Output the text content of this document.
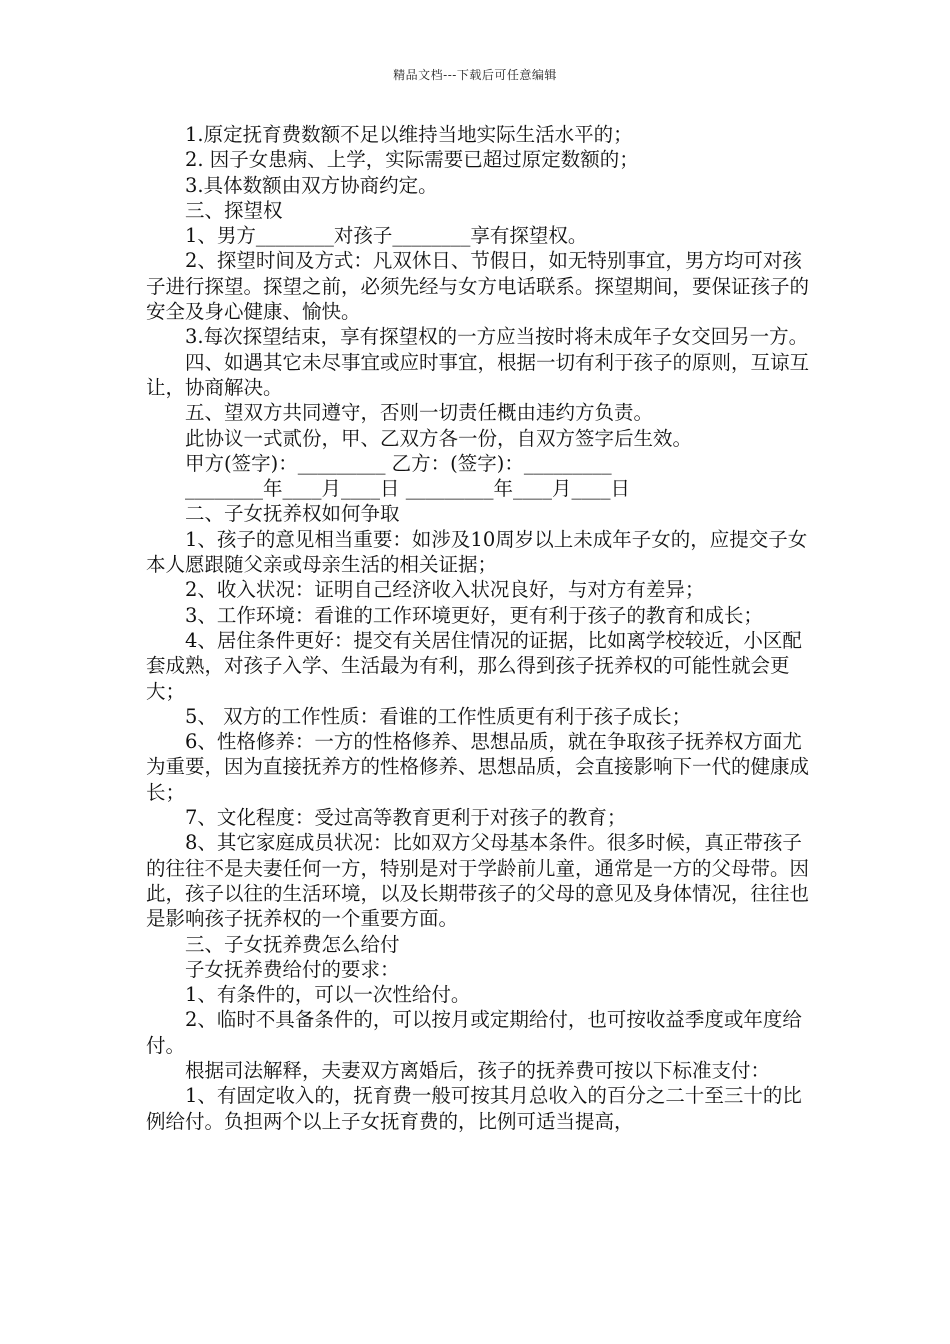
精品文档---下载后可任意编辑

1.原定抚育费数额不足以维持当地实际生活水平的；

2. 因子女患病、上学，实际需要已超过原定数额的；

3.具体数额由双方协商约定。

三、探望权

1、男方________对孩子________享有探望权。

2、探望时间及方式：凡双休日、节假日，如无特别事宜，男方均可对孩子进行探望。探望之前，必须先经与女方电话联系。探望期间，要保证孩子的安全及身心健康、愉快。

3.每次探望结束，享有探望权的一方应当按时将未成年子女交回另一方。

四、如遇其它未尽事宜或应时事宜，根据一切有利于孩子的原则，互谅互让，协商解决。

五、望双方共同遵守，否则一切责任概由违约方负责。

此协议一式贰份，甲、乙双方各一份，自双方签字后生效。

甲方(签字)：_________ 乙方：(签字)：_________

________年____月____日 _________年____月____日

二、子女抚养权如何争取

1、孩子的意见相当重要：如涉及10周岁以上未成年子女的，应提交子女本人愿跟随父亲或母亲生活的相关证据；

2、收入状况：证明自己经济收入状况良好，与对方有差异；

3、工作环境：看谁的工作环境更好，更有利于孩子的教育和成长；

4、居住条件更好：提交有关居住情况的证据，比如离学校较近，小区配套成熟，对孩子入学、生活最为有利，那么得到孩子抚养权的可能性就会更大；

5、 双方的工作性质：看谁的工作性质更有利于孩子成长；

6、性格修养：一方的性格修养、思想品质，就在争取孩子抚养权方面尤为重要，因为直接抚养方的性格修养、思想品质，会直接影响下一代的健康成长；

7、文化程度：受过高等教育更利于对孩子的教育；

8、其它家庭成员状况：比如双方父母基本条件。很多时候，真正带孩子的往往不是夫妻任何一方，特别是对于学龄前儿童，通常是一方的父母带。因此，孩子以往的生活环境，以及长期带孩子的父母的意见及身体情况，往往也是影响孩子抚养权的一个重要方面。

三、子女抚养费怎么给付

子女抚养费给付的要求：

1、有条件的，可以一次性给付。

2、临时不具备条件的，可以按月或定期给付，也可按收益季度或年度给付。

根据司法解释，夫妻双方离婚后，孩子的抚养费可按以下标准支付：

1、有固定收入的，抚育费一般可按其月总收入的百分之二十至三十的比例给付。负担两个以上子女抚育费的，比例可适当提高，
